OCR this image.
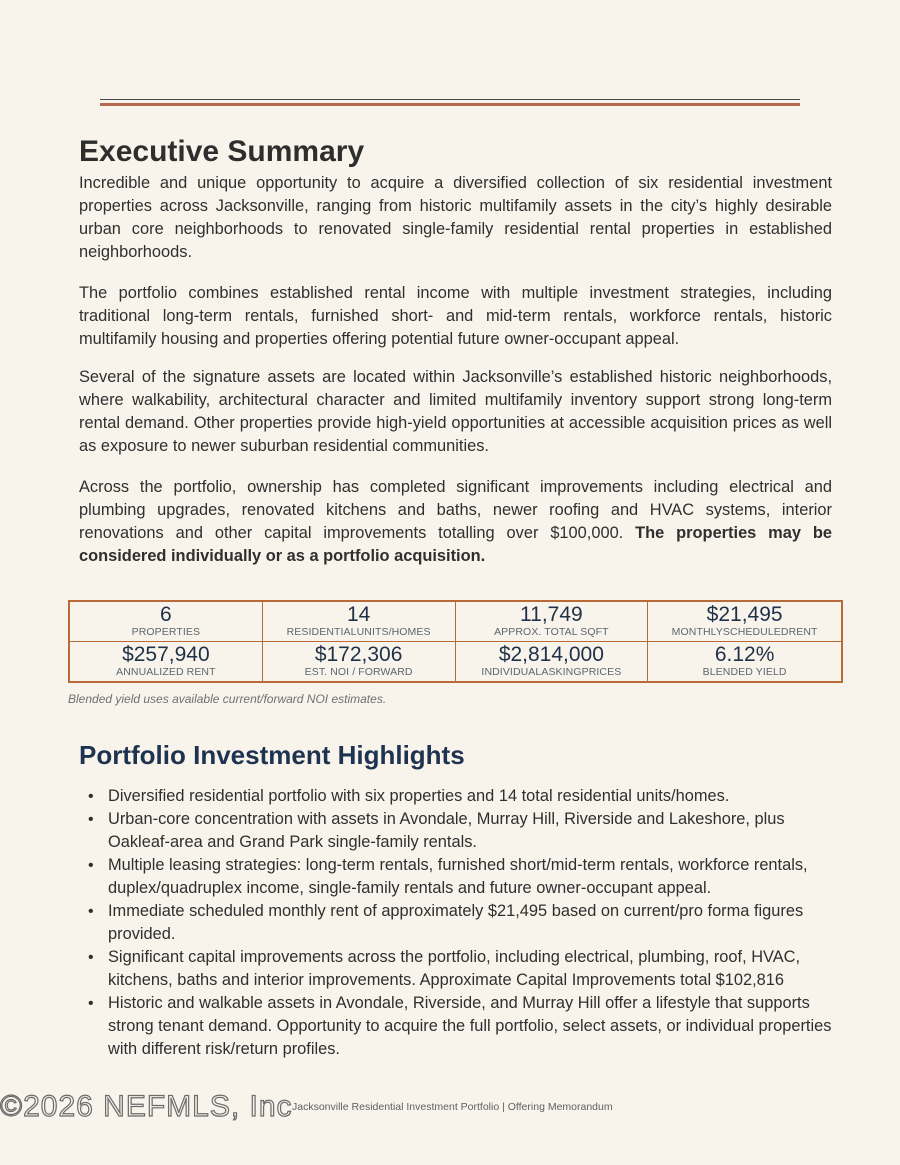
Executive Summary

Incredible and unique opportunity to acquire a diversified collection of six residential investment properties across Jacksonville, ranging from historic multifamily assets in the city’s highly desirable urban core neighborhoods to renovated single-family residential rental properties in established neighborhoods.

The portfolio combines established rental income with multiple investment strategies, including traditional long-term rentals, furnished short- and mid-term rentals, workforce rentals, historic multifamily housing and properties offering potential future owner-occupant appeal.

Several of the signature assets are located within Jacksonville’s established historic neighborhoods, where walkability, architectural character and limited multifamily inventory support strong long-term rental demand. Other properties provide high-yield opportunities at accessible acquisition prices as well as exposure to newer suburban residential communities.

Across the portfolio, ownership has completed significant improvements including electrical and plumbing upgrades, renovated kitchens and baths, newer roofing and HVAC systems, interior renovations and other capital improvements totalling over $100,000. The properties may be considered individually or as a portfolio acquisition.

6
PROPERTIES
14
RESIDENTIALUNITS/HOMES
11,749
APPROX. TOTAL SQFT
$21,495
MONTHLYSCHEDULEDRENT
$257,940
ANNUALIZED RENT
$172,306
EST. NOI / FORWARD
$2,814,000
INDIVIDUALASKINGPRICES
6.12%
BLENDED YIELD

Blended yield uses available current/forward NOI estimates.

Portfolio Investment Highlights
• Diversified residential portfolio with six properties and 14 total residential units/homes.
• Urban-core concentration with assets in Avondale, Murray Hill, Riverside and Lakeshore, plus Oakleaf-area and Grand Park single-family rentals.
• Multiple leasing strategies: long-term rentals, furnished short/mid-term rentals, workforce rentals, duplex/quadruplex income, single-family rentals and future owner-occupant appeal.
• Immediate scheduled monthly rent of approximately $21,495 based on current/pro forma figures provided.
• Significant capital improvements across the portfolio, including electrical, plumbing, roof, HVAC, kitchens, baths and interior improvements. Approximate Capital Improvements total $102,816
• Historic and walkable assets in Avondale, Riverside, and Murray Hill offer a lifestyle that supports strong tenant demand. Opportunity to acquire the full portfolio, select assets, or individual properties with different risk/return profiles.

©2026 NEFMLS, Inc Jacksonville Residential Investment Portfolio | Offering Memorandum
